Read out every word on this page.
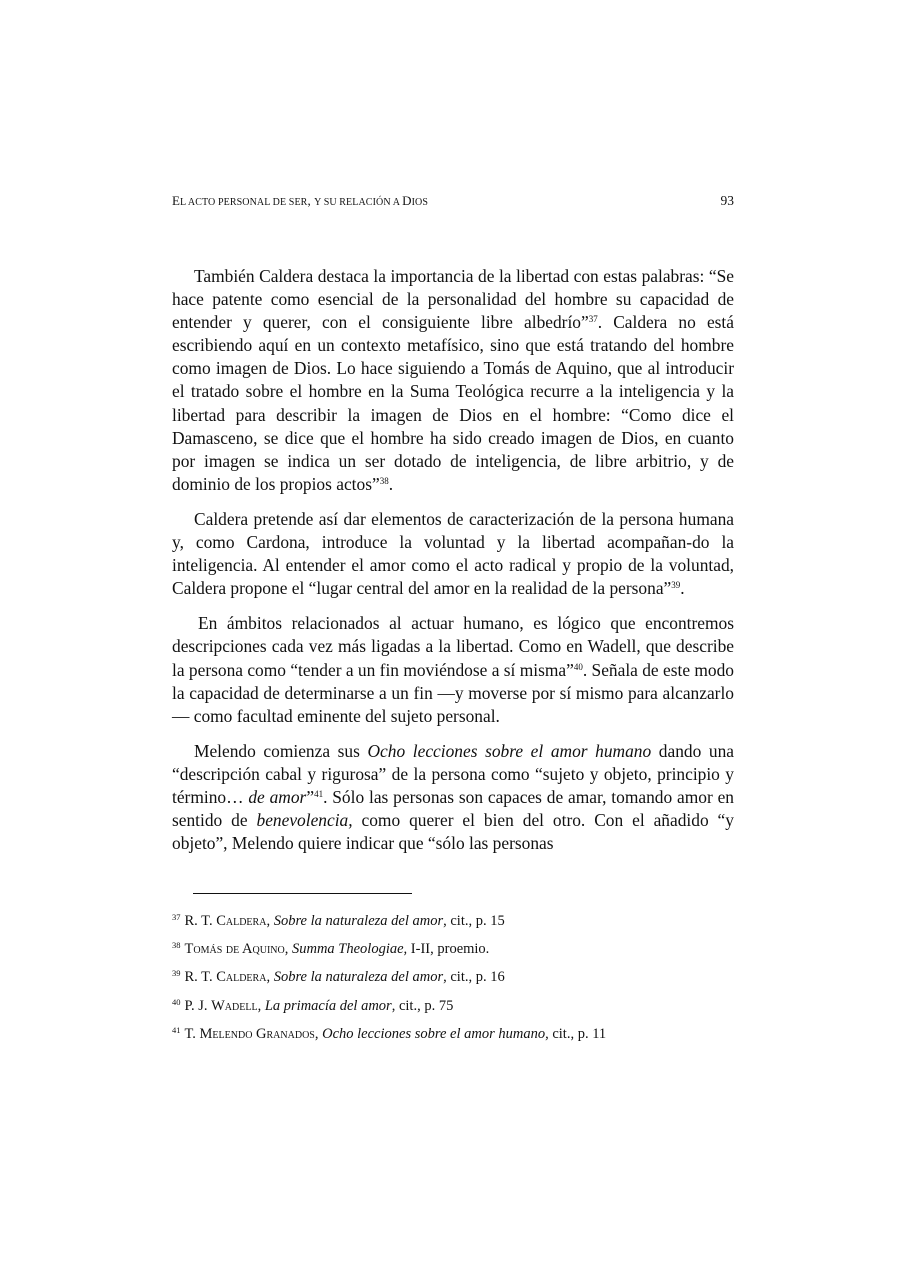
EL ACTO PERSONAL DE SER, Y SU RELACIÓN A DIOS	93

También Caldera destaca la importancia de la libertad con estas palabras: “Se hace patente como esencial de la personalidad del hombre su capacidad de entender y querer, con el consiguiente libre albedrío”$^{37}$. Caldera no está escribiendo aquí en un contexto metafísico, sino que está tratando del hombre como imagen de Dios. Lo hace siguiendo a Tomás de Aquino, que al introducir el tratado sobre el hombre en la Suma Teológica recurre a la inteligencia y la libertad para describir la imagen de Dios en el hombre: “Como dice el Damasceno, se dice que el hombre ha sido creado imagen de Dios, en cuanto por imagen se indica un ser dotado de inteligencia, de libre arbitrio, y de dominio de los propios actos”$^{38}$.

Caldera pretende así dar elementos de caracterización de la persona humana y, como Cardona, introduce la voluntad y la libertad acompañan-do la inteligencia. Al entender el amor como el acto radical y propio de la voluntad, Caldera propone el “lugar central del amor en la realidad de la persona”$^{39}$.

En ámbitos relacionados al actuar humano, es lógico que encontremos descripciones cada vez más ligadas a la libertad. Como en Wadell, que describe la persona como “tender a un fin moviéndose a sí misma”$^{40}$. Señala de este modo la capacidad de determinarse a un fin —y moverse por sí mismo para alcanzarlo— como facultad eminente del sujeto personal.

Melendo comienza sus Ocho lecciones sobre el amor humano dando una “descripción cabal y rigurosa” de la persona como “sujeto y objeto, principio y término… de amor”$^{41}$. Sólo las personas son capaces de amar, tomando amor en sentido de benevolencia, como querer el bien del otro. Con el añadido “y objeto”, Melendo quiere indicar que “sólo las personas

$^{37}$ R. T. Caldera, Sobre la naturaleza del amor, cit., p. 15
$^{38}$ Tomás de Aquino, Summa Theologiae, I-II, proemio.
$^{39}$ R. T. Caldera, Sobre la naturaleza del amor, cit., p. 16
$^{40}$ P. J. Wadell, La primacía del amor, cit., p. 75
$^{41}$ T. Melendo Granados, Ocho lecciones sobre el amor humano, cit., p. 11
